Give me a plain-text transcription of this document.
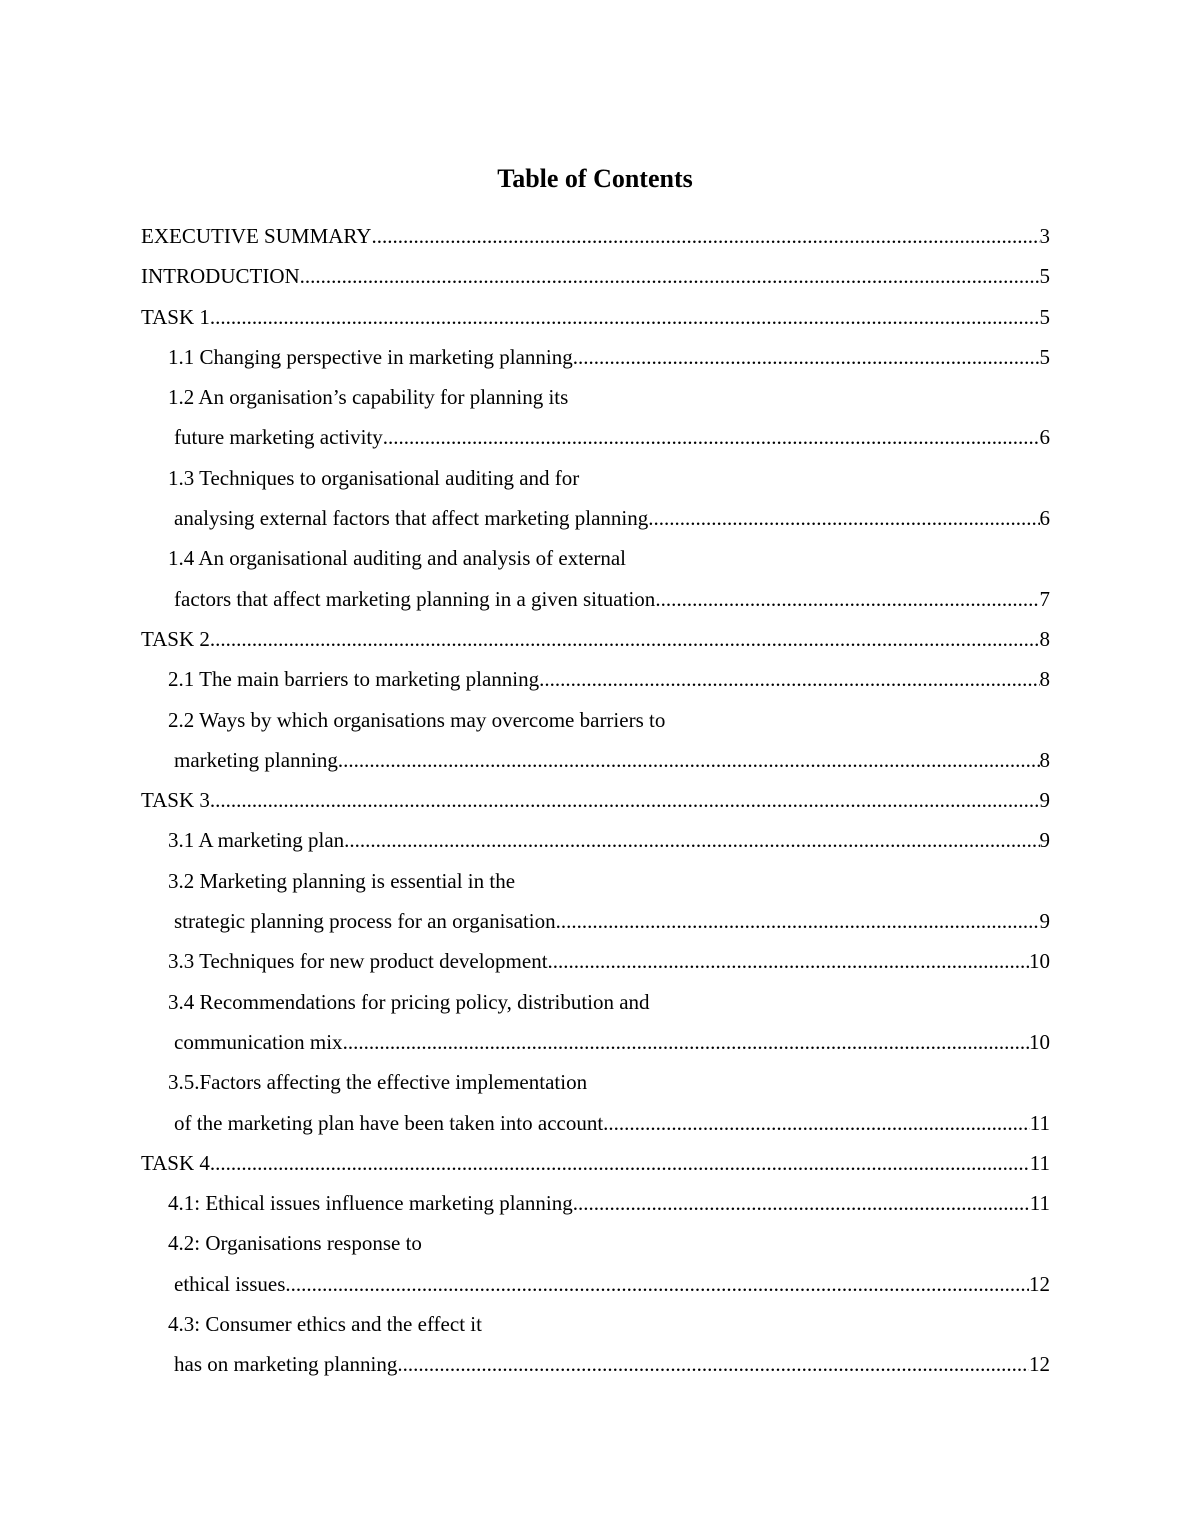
Table of Contents
EXECUTIVE SUMMARY .....	3
INTRODUCTION .....	5
TASK 1 .....	5
1.1 Changing perspective in marketing planning .....	5
1.2 An organisation’s capability for planning its
future marketing activity .....	6
1.3 Techniques to organisational auditing and for
analysing external factors that affect marketing planning .....	6
1.4 An organisational auditing and analysis of external
factors that affect marketing planning in a given situation .....	7
TASK 2 .....	8
2.1 The main barriers to marketing planning .....	8
2.2 Ways by which organisations may overcome barriers to
marketing planning .....	8
TASK 3 .....	9
3.1 A marketing plan .....	9
3.2 Marketing planning is essential in the
strategic planning process for an organisation .....	9
3.3 Techniques for new product development .....	10
3.4 Recommendations for pricing policy, distribution and
communication mix .....	10
3.5.Factors affecting the effective implementation
of the marketing plan have been taken into account .....	11
TASK 4 .....	11
4.1: Ethical issues influence marketing planning .....	11
4.2: Organisations response to
ethical issues .....	12
4.3: Consumer ethics and the effect it
has on marketing planning .....	12
